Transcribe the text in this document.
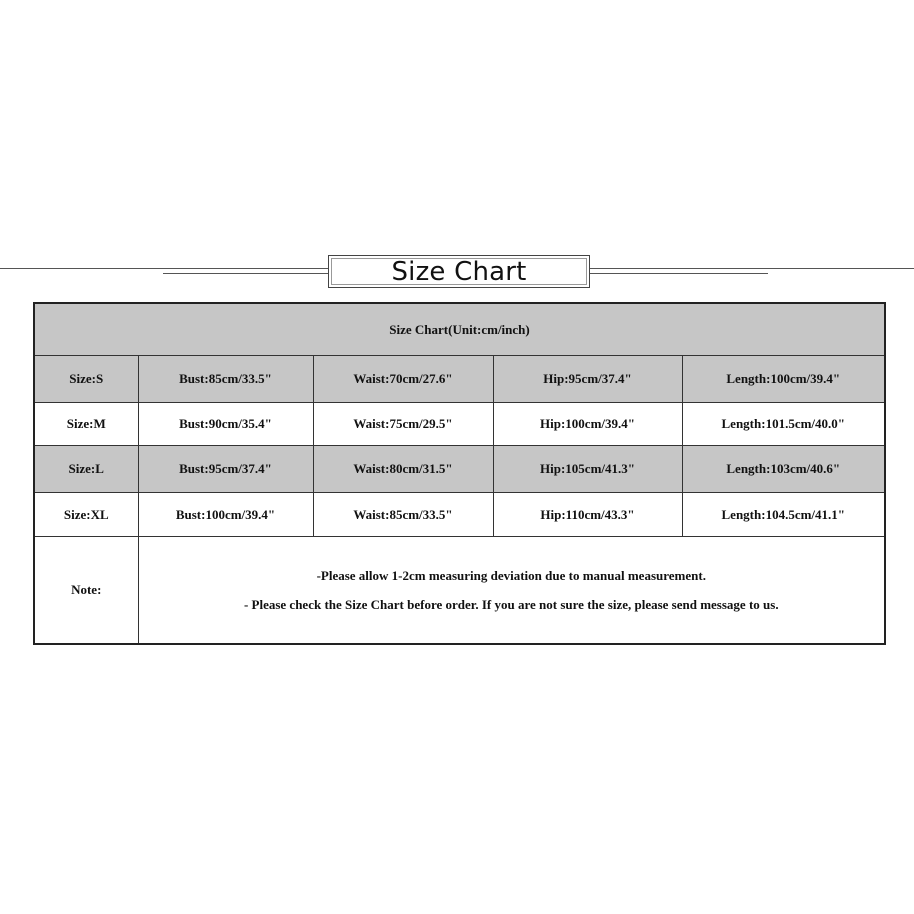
Size Chart
Size Chart(Unit:cm/inch)				
Size:S	Bust:85cm/33.5"	Waist:70cm/27.6"	Hip:95cm/37.4"	Length:100cm/39.4"
Size:M	Bust:90cm/35.4"	Waist:75cm/29.5"	Hip:100cm/39.4"	Length:101.5cm/40.0"
Size:L	Bust:95cm/37.4"	Waist:80cm/31.5"	Hip:105cm/41.3"	Length:103cm/40.6"
Size:XL	Bust:100cm/39.4"	Waist:85cm/33.5"	Hip:110cm/43.3"	Length:104.5cm/41.1"
Note:	-Please allow 1-2cm measuring deviation due to manual measurement.
- Please check the Size Chart before order. If you are not sure the size, please send message to us.			
